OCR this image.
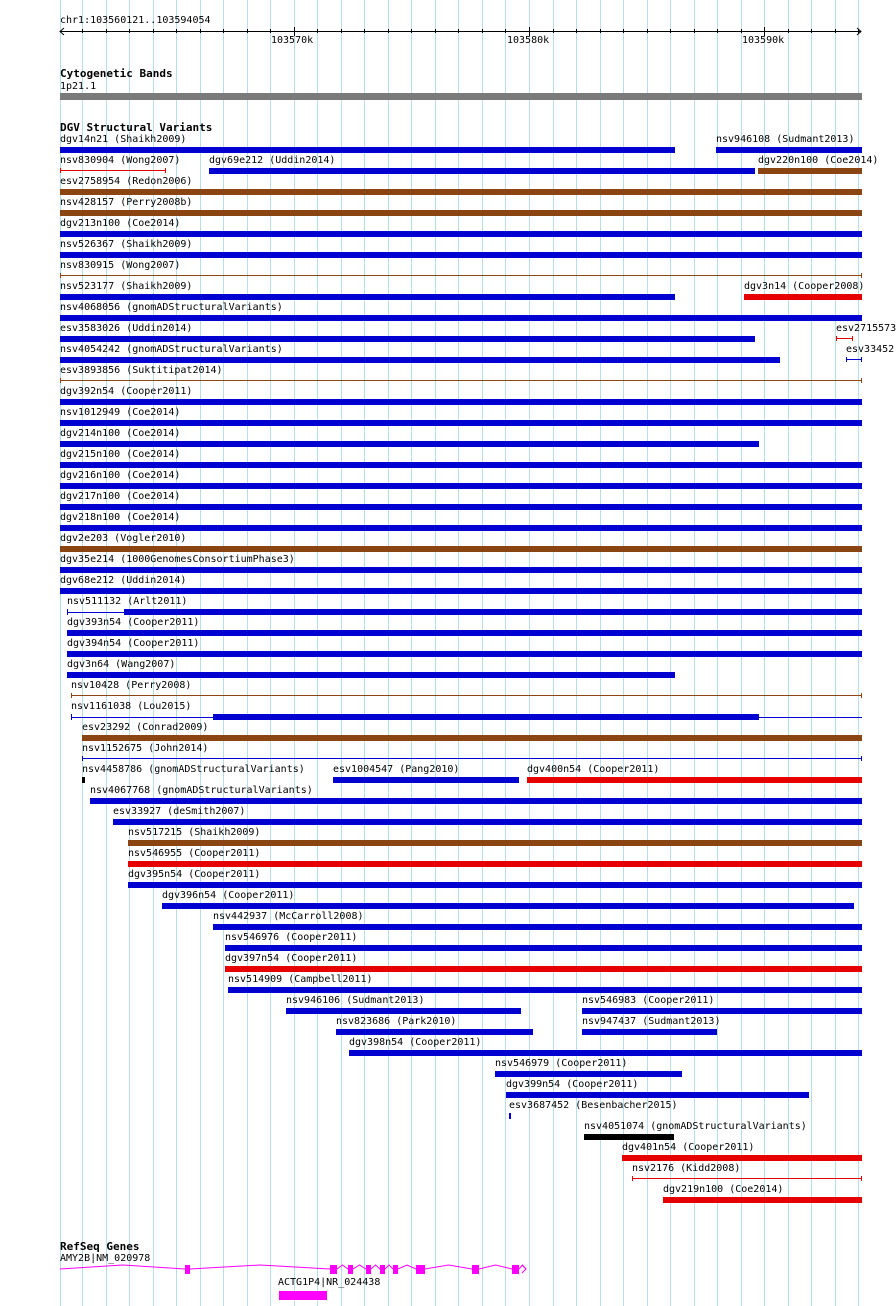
chr1:103560121..103594054
103570k	103580k	103590k
Cytogenetic Bands
1p21.1
DGV Structural Variants
dgv14n21 (Shaikh2009)	nsv946108 (Sudmant2013)
nsv830904 (Wong2007)	dgv69e212 (Uddin2014)	dgv220n100 (Coe2014)
esv2758954 (Redon2006)
nsv428157 (Perry2008b)
dgv213n100 (Coe2014)
nsv526367 (Shaikh2009)
nsv830915 (Wong2007)
nsv523177 (Shaikh2009)	dgv3n14 (Cooper2008)
nsv4068056 (gnomADStructuralVariants)
esv3583026 (Uddin2014)	esv2715573
nsv4054242 (gnomADStructuralVariants)	esv33452
esv3893856 (Suktitipat2014)
dgv392n54 (Cooper2011)
nsv1012949 (Coe2014)
dgv214n100 (Coe2014)
dgv215n100 (Coe2014)
dgv216n100 (Coe2014)
dgv217n100 (Coe2014)
dgv218n100 (Coe2014)
dgv2e203 (Vogler2010)
dgv35e214 (1000GenomesConsortiumPhase3)
dgv68e212 (Uddin2014)
nsv511132 (Arlt2011)
dgv393n54 (Cooper2011)
dgv394n54 (Cooper2011)
dgv3n64 (Wang2007)
nsv10428 (Perry2008)
nsv1161038 (Lou2015)
esv23292 (Conrad2009)
nsv1152675 (John2014)
nsv4458786 (gnomADStructuralVariants)	esv1004547 (Pang2010)	dgv400n54 (Cooper2011)
nsv4067768 (gnomADStructuralVariants)
esv33927 (deSmith2007)
nsv517215 (Shaikh2009)
nsv546955 (Cooper2011)
dgv395n54 (Cooper2011)
dgv396n54 (Cooper2011)
nsv442937 (McCarroll2008)
nsv546976 (Cooper2011)
dgv397n54 (Cooper2011)
nsv514909 (Campbell2011)
nsv946106 (Sudmant2013)	nsv546983 (Cooper2011)
nsv823686 (Park2010)	nsv947437 (Sudmant2013)
dgv398n54 (Cooper2011)
nsv546979 (Cooper2011)
dgv399n54 (Cooper2011)
esv3687452 (Besenbacher2015)
nsv4051074 (gnomADStructuralVariants)
dgv401n54 (Cooper2011)
nsv2176 (Kidd2008)
dgv219n100 (Coe2014)
RefSeq Genes
AMY2B|NM_020978
ACTG1P4|NR_024438
